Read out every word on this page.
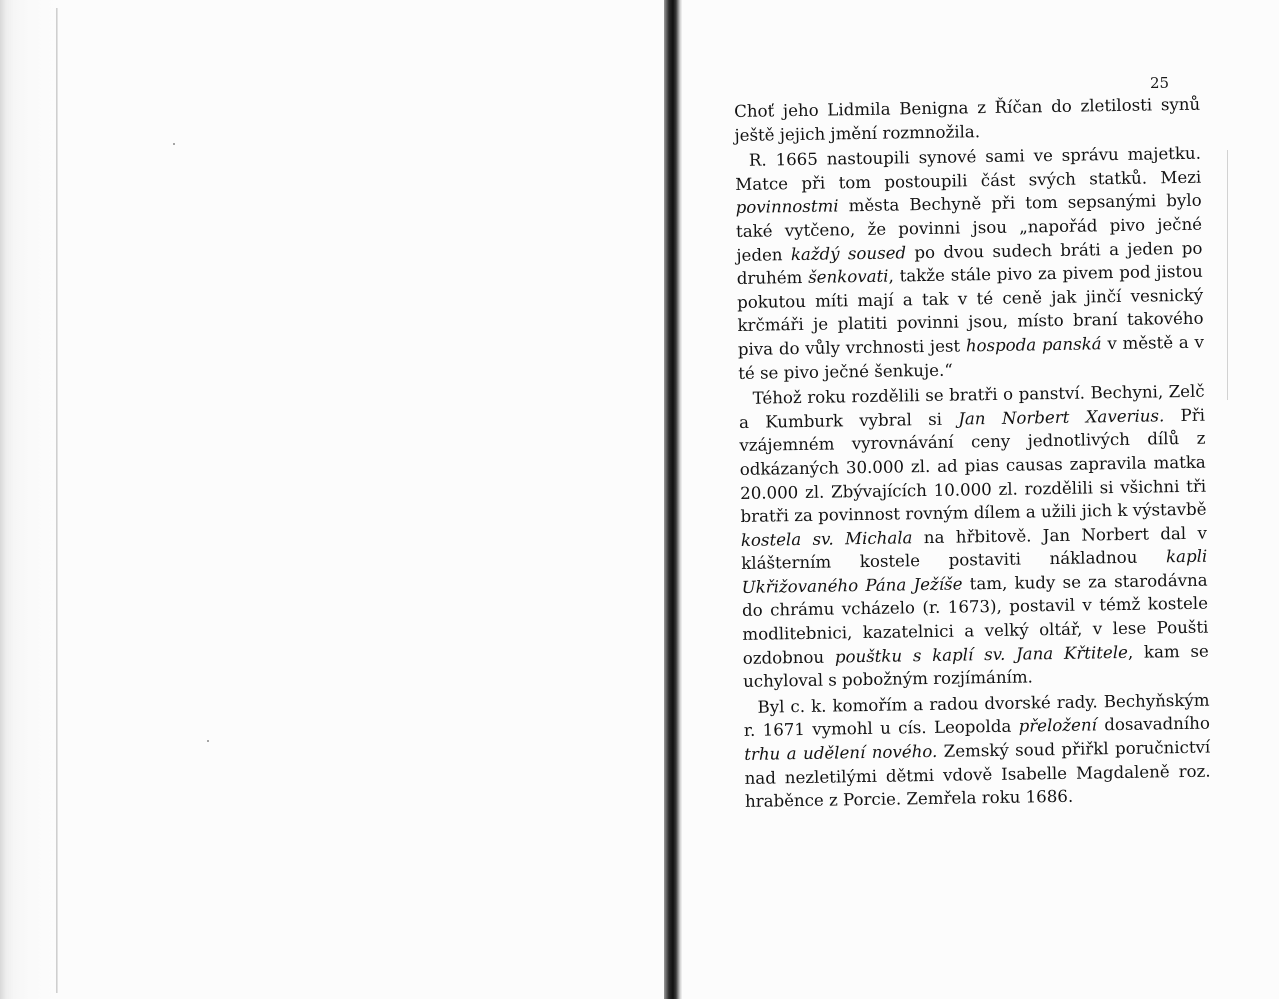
25

Choť jeho Lidmila Benigna z Říčan do zletilosti synů ještě jejich jmění rozmnožila.

R. 1665 nastoupili synové sami ve správu majetku. Matce při tom postoupili část svých statků. Mezi povinnostmi města Bechyně při tom sepsanými bylo také vytčeno, že povinni jsou „napořád pivo ječné jeden každý soused po dvou sudech bráti a jeden po druhém šenkovati, takže stále pivo za pivem pod jistou pokutou míti mají a tak v té ceně jak jinčí vesnický krčmáři je platiti povinni jsou, místo braní takového piva do vůly vrchnosti jest hospoda panská v městě a v té se pivo ječné šenkuje.“

Téhož roku rozdělili se bratři o panství. Bechyni, Zelč a Kumburk vybral si Jan Norbert Xaverius. Při vzájemném vyrovnávání ceny jednotlivých dílů z odkázaných 30.000 zl. ad pias causas zapravila matka 20.000 zl. Zbývajících 10.000 zl. rozdělili si všichni tři bratři za povinnost rovným dílem a užili jich k výstavbě kostela sv. Michala na hřbitově. Jan Norbert dal v klášterním kostele postaviti nákladnou kapli Ukřižovaného Pána Ježíše tam, kudy se za starodávna do chrámu vcházelo (r. 1673), postavil v témž kostele modlitebnici, kazatelnici a velký oltář, v lese Poušti ozdobnou pouštku s kaplí sv. Jana Křtitele, kam se uchyloval s pobožným rozjímáním.

Byl c. k. komořím a radou dvorské rady. Bechyňským r. 1671 vymohl u cís. Leopolda přeložení dosavadního trhu a udělení nového. Zemský soud přiřkl poručnictví nad nezletilými dětmi vdově Isabelle Magdaleně roz. hraběnce z Porcie. Zemřela roku 1686.
